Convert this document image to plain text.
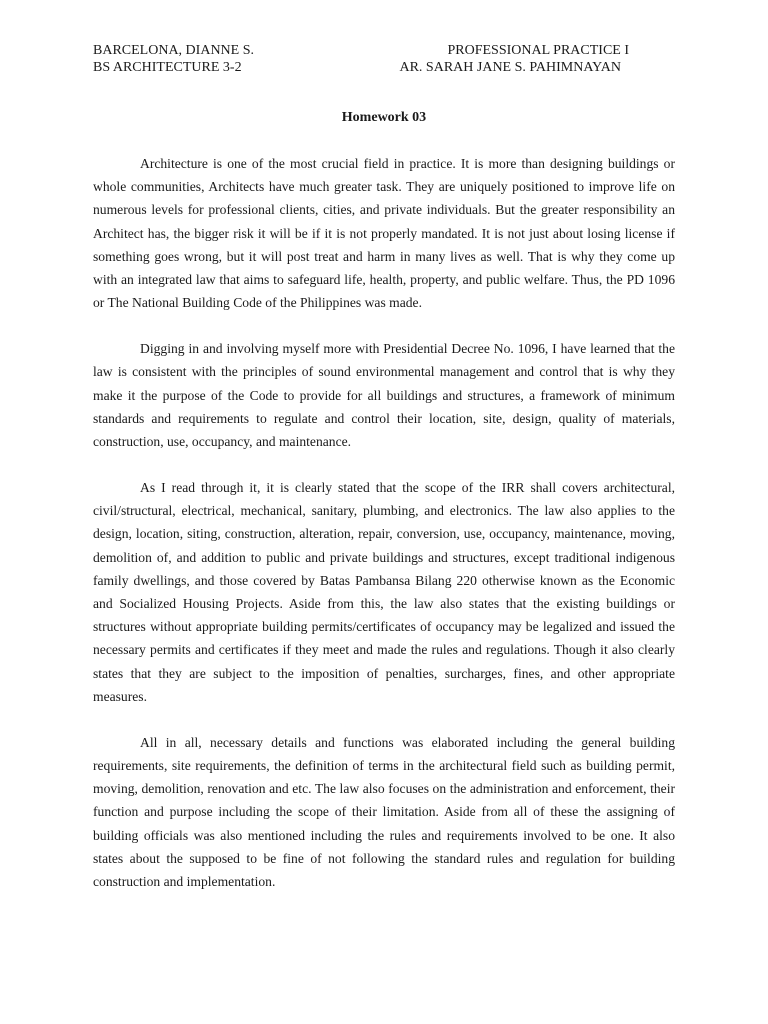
BARCELONA, DIANNE S.
BS ARCHITECTURE 3-2
PROFESSIONAL PRACTICE I
AR. SARAH JANE S. PAHIMNAYAN
Homework 03

Architecture is one of the most crucial field in practice. It is more than designing buildings or whole communities, Architects have much greater task. They are uniquely positioned to improve life on numerous levels for professional clients, cities, and private individuals. But the greater responsibility an Architect has, the bigger risk it will be if it is not properly mandated. It is not just about losing license if something goes wrong, but it will post treat and harm in many lives as well. That is why they come up with an integrated law that aims to safeguard life, health, property, and public welfare. Thus, the PD 1096 or The National Building Code of the Philippines was made.

Digging in and involving myself more with Presidential Decree No. 1096, I have learned that the law is consistent with the principles of sound environmental management and control that is why they make it the purpose of the Code to provide for all buildings and structures, a framework of minimum standards and requirements to regulate and control their location, site, design, quality of materials, construction, use, occupancy, and maintenance.

As I read through it, it is clearly stated that the scope of the IRR shall covers architectural, civil/structural, electrical, mechanical, sanitary, plumbing, and electronics. The law also applies to the design, location, siting, construction, alteration, repair, conversion, use, occupancy, maintenance, moving, demolition of, and addition to public and private buildings and structures, except traditional indigenous family dwellings, and those covered by Batas Pambansa Bilang 220 otherwise known as the Economic and Socialized Housing Projects. Aside from this, the law also states that the existing buildings or structures without appropriate building permits/certificates of occupancy may be legalized and issued the necessary permits and certificates if they meet and made the rules and regulations. Though it also clearly states that they are subject to the imposition of penalties, surcharges, fines, and other appropriate measures.

All in all, necessary details and functions was elaborated including the general building requirements, site requirements, the definition of terms in the architectural field such as building permit, moving, demolition, renovation and etc. The law also focuses on the administration and enforcement, their function and purpose including the scope of their limitation. Aside from all of these the assigning of building officials was also mentioned including the rules and requirements involved to be one. It also states about the supposed to be fine of not following the standard rules and regulation for building construction and implementation.
